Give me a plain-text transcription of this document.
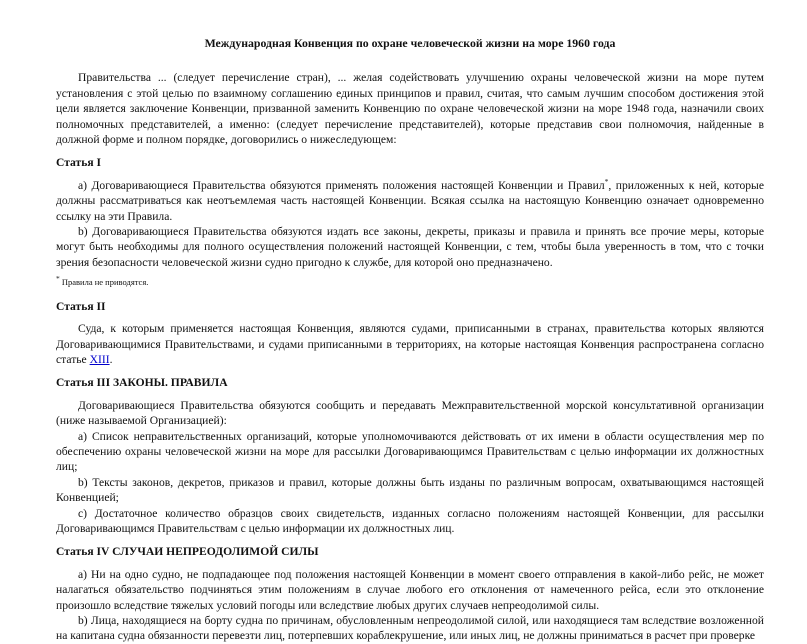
Международная Конвенция по охране человеческой жизни на море 1960 года

Правительства ... (следует перечисление стран), ... желая содействовать улучшению охраны человеческой жизни на море путем установления с этой целью по взаимному соглашению единых принципов и правил, считая, что самым лучшим способом достижения этой цели является заключение Конвенции, призванной заменить Конвенцию по охране человеческой жизни на море 1948 года, назначили своих полномочных представителей, а именно: (следует перечисление представителей), которые представив свои полномочия, найденные в должной форме и полном порядке, договорились о нижеследующем:

Статья I

а) Договаривающиеся Правительства обязуются применять положения настоящей Конвенции и Правил*, приложенных к ней, которые должны рассматриваться как неотъемлемая часть настоящей Конвенции. Всякая ссылка на настоящую Конвенцию означает одновременно ссылку на эти Правила.

b) Договаривающиеся Правительства обязуются издать все законы, декреты, приказы и правила и принять все прочие меры, которые могут быть необходимы для полного осуществления положений настоящей Конвенции, с тем, чтобы была уверенность в том, что с точки зрения безопасности человеческой жизни судно пригодно к службе, для которой оно предназначено.

* Правила не приводятся.
Статья II

Суда, к которым применяется настоящая Конвенция, являются судами, приписанными в странах, правительства которых являются Договаривающимися Правительствами, и судами приписанными в территориях, на которые настоящая Конвенция распространена согласно статье XIII.

Статья III ЗАКОНЫ. ПРАВИЛА

Договаривающиеся Правительства обязуются сообщить и передавать Межправительственной морской консультативной организации (ниже называемой Организацией):

а) Список неправительственных организаций, которые уполномочиваются действовать от их имени в области осуществления мер по обеспечению охраны человеческой жизни на море для рассылки Договаривающимся Правительствам с целью информации их должностных лиц;

b) Тексты законов, декретов, приказов и правил, которые должны быть изданы по различным вопросам, охватывающимся настоящей Конвенцией;

с) Достаточное количество образцов своих свидетельств, изданных согласно положениям настоящей Конвенции, для рассылки Договаривающимся Правительствам с целью информации их должностных лиц.

Статья IV СЛУЧАИ НЕПРЕОДОЛИМОЙ СИЛЫ

а) Ни на одно судно, не подпадающее под положения настоящей Конвенции в момент своего отправления в какой-либо рейс, не может налагаться обязательство подчиняться этим положениям в случае любого его отклонения от намеченного рейса, если это отклонение произошло вследствие тяжелых условий погоды или вследствие любых других случаев непреодолимой силы.

b) Лица, находящиеся на борту судна по причинам, обусловленным непреодолимой силой, или находящиеся там вследствие возложенной на капитана судна обязанности перевезти лиц, потерпевших кораблекрушение, или иных лиц, не должны приниматься в расчет при проверке
